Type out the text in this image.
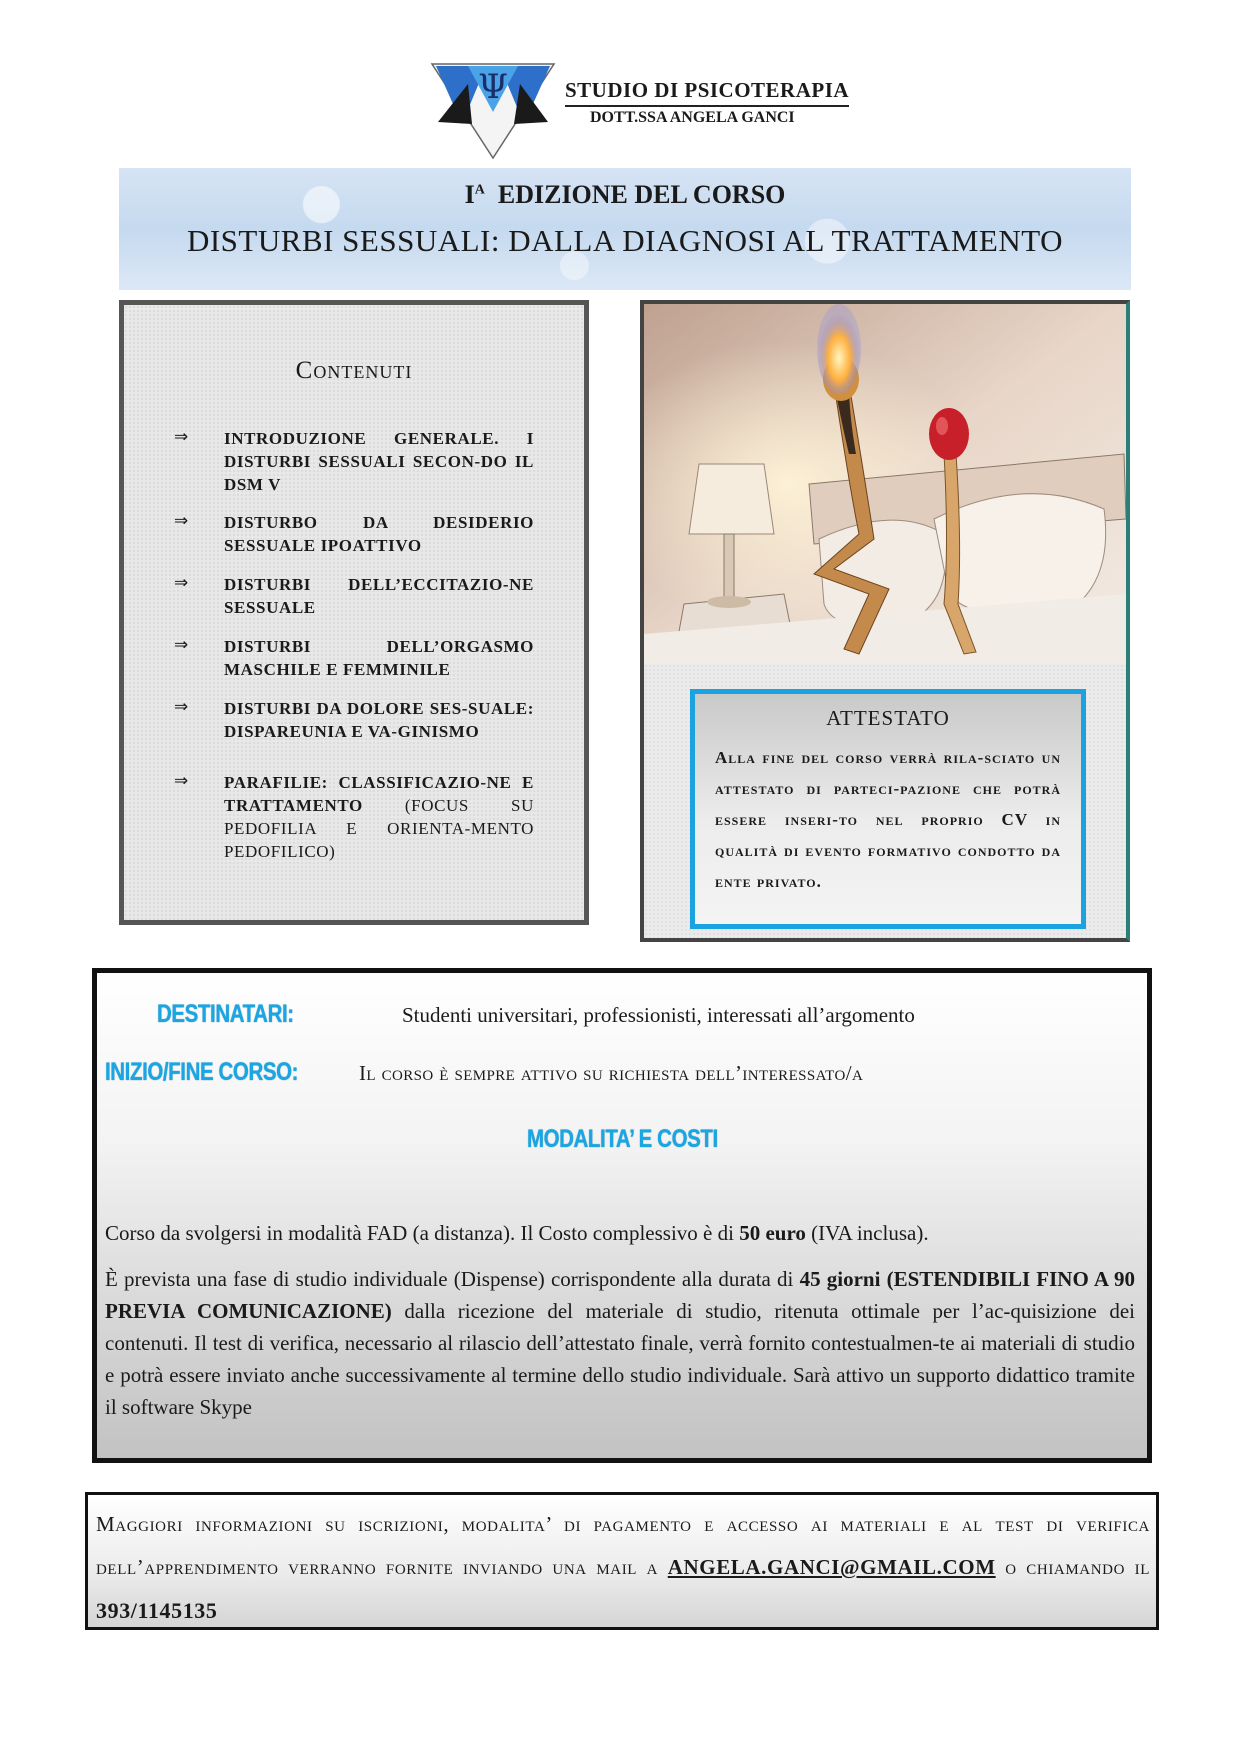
Ψ	STUDIO DI PSICOTERAPIA
DOTT.SSA ANGELA GANCI
$I^A$ EDIZIONE DEL CORSO
DISTURBI SESSUALI: DALLA DIAGNOSI AL TRATTAMENTO
Contenuti
⇒ INTRODUZIONE GENERALE. I DISTURBI SESSUALI SECON-DO IL DSM V
⇒ DISTURBO DA DESIDERIO SESSUALE IPOATTIVO
⇒ DISTURBI DELL’ECCITAZIO-NE SESSUALE
⇒ DISTURBI DELL’ORGASMO MASCHILE E FEMMINILE
⇒ DISTURBI DA DOLORE SES-SUALE: DISPAREUNIA E VA-GINISMO
⇒ PARAFILIE: CLASSIFICAZIO-NE E TRATTAMENTO (FOCUS SU PEDOFILIA E ORIENTA-MENTO PEDOFILICO)
ATTESTATO
Alla fine del corso verrà rila-sciato un attestato di parteci-pazione che potrà essere inseri-to nel proprio CV in qualità di evento formativo condotto da ente privato.
DESTINATARI:	Studenti universitari, professionisti, interessati all’argomento
INIZIO/FINE CORSO:	Il corso è sempre attivo su richiesta dell’interessato/a
MODALITA’ E COSTI
Corso da svolgersi in modalità FAD (a distanza). Il Costo complessivo è di 50 euro (IVA inclusa).
È prevista una fase di studio individuale (Dispense) corrispondente alla durata di 45 giorni (ESTENDIBILI FINO A 90 PREVIA COMUNICAZIONE) dalla ricezione del materiale di studio, ritenuta ottimale per l’ac-quisizione dei contenuti. Il test di verifica, necessario al rilascio dell’attestato finale, verrà fornito contestualmen-te ai materiali di studio e potrà essere inviato anche successivamente al termine dello studio individuale. Sarà attivo un supporto didattico tramite il software Skype
Maggiori informazioni su iscrizioni, modalita’ di pagamento e accesso ai materiali e al test di verifica dell’apprendimento verranno fornite inviando una mail a ANGELA.GANCI@GMAIL.COM o chiamando il 393/1145135
